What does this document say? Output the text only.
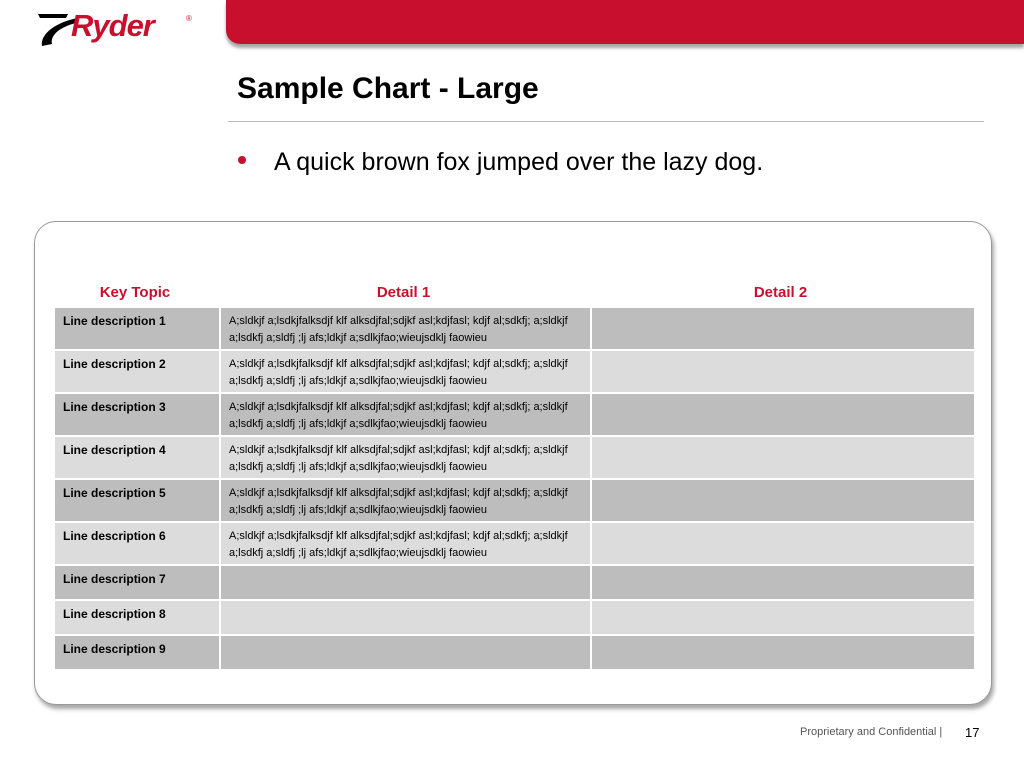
Ryder	®
Sample Chart - Large
A quick brown fox jumped over the lazy dog.
Key Topic	Detail 1	Detail 2
Line description 1	A;sldkjf a;lsdkjfalksdjf klf alksdjfal;sdjkf asl;kdjfasl; kdjf al;sdkfj; a;sldkjf a;lsdkfj a;sldfj ;lj afs;ldkjf a;sdlkjfao;wieujsdklj faowieu	
Line description 2	A;sldkjf a;lsdkjfalksdjf klf alksdjfal;sdjkf asl;kdjfasl; kdjf al;sdkfj; a;sldkjf a;lsdkfj a;sldfj ;lj afs;ldkjf a;sdlkjfao;wieujsdklj faowieu	
Line description 3	A;sldkjf a;lsdkjfalksdjf klf alksdjfal;sdjkf asl;kdjfasl; kdjf al;sdkfj; a;sldkjf a;lsdkfj a;sldfj ;lj afs;ldkjf a;sdlkjfao;wieujsdklj faowieu	
Line description 4	A;sldkjf a;lsdkjfalksdjf klf alksdjfal;sdjkf asl;kdjfasl; kdjf al;sdkfj; a;sldkjf a;lsdkfj a;sldfj ;lj afs;ldkjf a;sdlkjfao;wieujsdklj faowieu	
Line description 5	A;sldkjf a;lsdkjfalksdjf klf alksdjfal;sdjkf asl;kdjfasl; kdjf al;sdkfj; a;sldkjf a;lsdkfj a;sldfj ;lj afs;ldkjf a;sdlkjfao;wieujsdklj faowieu	
Line description 6	A;sldkjf a;lsdkjfalksdjf klf alksdjfal;sdjkf asl;kdjfasl; kdjf al;sdkfj; a;sldkjf a;lsdkfj a;sldfj ;lj afs;ldkjf a;sdlkjfao;wieujsdklj faowieu	
Line description 7		
Line description 8		
Line description 9		
Proprietary and Confidential | 17
